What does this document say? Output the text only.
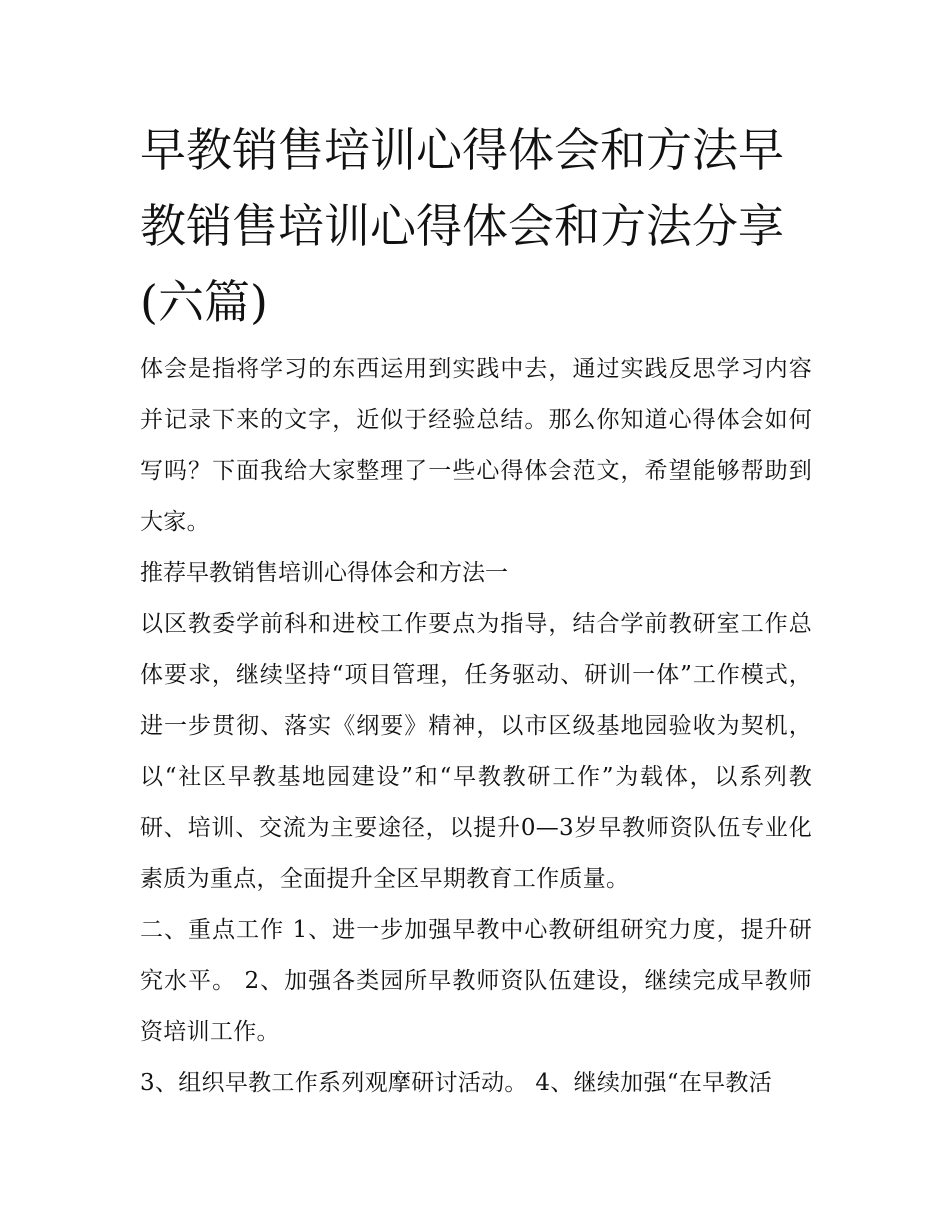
早教销售培训心得体会和方法早教销售培训心得体会和方法分享(六篇)

体会是指将学习的东西运用到实践中去，通过实践反思学习内容并记录下来的文字，近似于经验总结。那么你知道心得体会如何写吗？下面我给大家整理了一些心得体会范文，希望能够帮助到大家。

推荐早教销售培训心得体会和方法一

以区教委学前科和进校工作要点为指导，结合学前教研室工作总体要求，继续坚持“项目管理，任务驱动、研训一体”工作模式，进一步贯彻、落实《纲要》精神，以市区级基地园验收为契机，以“社区早教基地园建设”和“早教教研工作”为载体，以系列教研、培训、交流为主要途径，以提升0—3岁早教师资队伍专业化素质为重点，全面提升全区早期教育工作质量。

二、重点工作 1、进一步加强早教中心教研组研究力度，提升研究水平。 2、加强各类园所早教师资队伍建设，继续完成早教师资培训工作。

3、组织早教工作系列观摩研讨活动。 4、继续加强“在早教活
